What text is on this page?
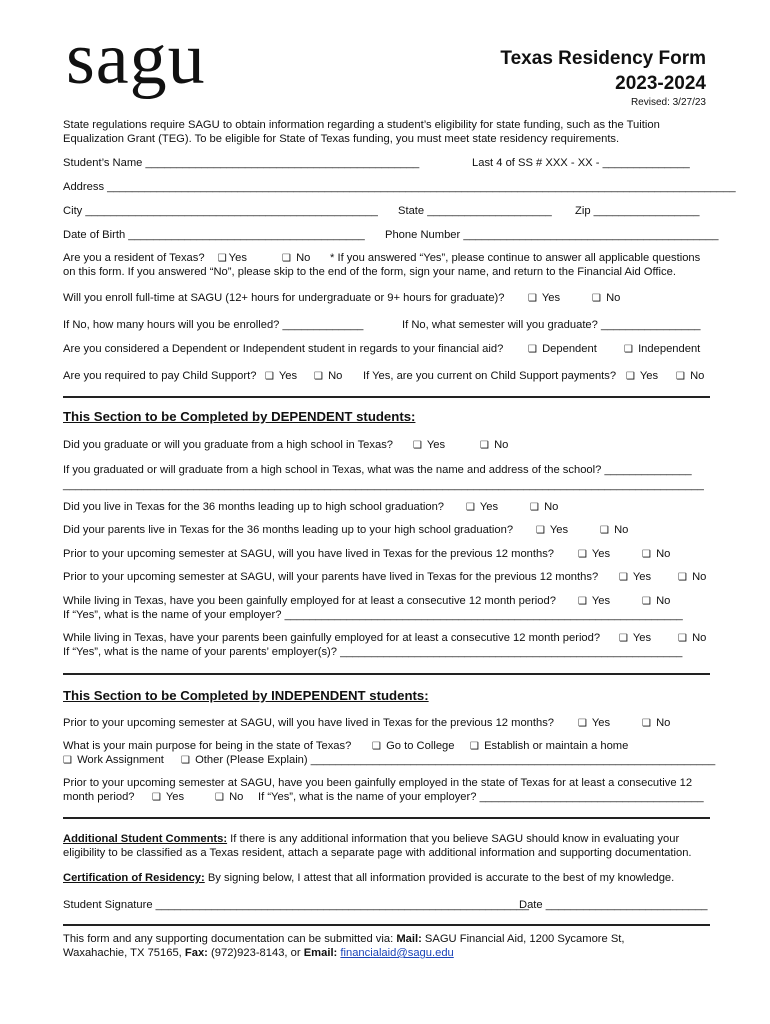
sagu	Texas Residency Form
2023-2024
Revised: 3/27/23
State regulations require SAGU to obtain information regarding a student’s eligibility for state funding, such as the Tuition Equalization Grant (TEG). To be eligible for State of Texas funding, you must meet state residency requirements.
Student’s Name ____________________________________________	Last 4 of SS # XXX - XX - ______________
Address _____________________________________________________________________________________________________
City _______________________________________________ State ____________________ Zip _________________
Date of Birth ______________________________________ Phone Number _________________________________________
Are you a resident of Texas? ❑ Yes	❑ No * If you answered “Yes”, please continue to answer all applicable questions
on this form. If you answered “No”, please skip to the end of the form, sign your name, and return to the Financial Aid Office.
Will you enroll full-time at SAGU (12+ hours for undergraduate or 9+ hours for graduate)? ❑ Yes	❑ No
If No, how many hours will you be enrolled? _____________	If No, what semester will you graduate? ________________
Are you considered a Dependent or Independent student in regards to your financial aid? ❑ Dependent	❑ Independent
Are you required to pay Child Support? ❑ Yes ❑ No If Yes, are you current on Child Support payments? ❑ Yes ❑ No
This Section to be Completed by DEPENDENT students:
Did you graduate or will you graduate from a high school in Texas? ❑ Yes	❑ No
If you graduated or will graduate from a high school in Texas, what was the name and address of the school? ______________
_______________________________________________________________________________________________________
Did you live in Texas for the 36 months leading up to high school graduation? ❑ Yes	❑ No
Did your parents live in Texas for the 36 months leading up to your high school graduation? ❑ Yes	❑ No
Prior to your upcoming semester at SAGU, will you have lived in Texas for the previous 12 months? ❑ Yes	❑ No
Prior to your upcoming semester at SAGU, will your parents have lived in Texas for the previous 12 months? ❑ Yes	❑ No
While living in Texas, have you been gainfully employed for at least a consecutive 12 month period? ❑ Yes	❑ No
If “Yes”, what is the name of your employer? ________________________________________________________________
While living in Texas, have your parents been gainfully employed for at least a consecutive 12 month period? ❑ Yes	❑ No
If “Yes”, what is the name of your parents’ employer(s)? _______________________________________________________
This Section to be Completed by INDEPENDENT students:
Prior to your upcoming semester at SAGU, will you have lived in Texas for the previous 12 months? ❑ Yes	❑ No
What is your main purpose for being in the state of Texas? ❑ Go to College ❑ Establish or maintain a home
❑ Work Assignment ❑ Other (Please Explain) _________________________________________________________________
Prior to your upcoming semester at SAGU, have you been gainfully employed in the state of Texas for at least a consecutive 12
month period? ❑ Yes	❑ No If “Yes”, what is the name of your employer? ____________________________________
Additional Student Comments: If there is any additional information that you believe SAGU should know in evaluating your eligibility to be classified as a Texas resident, attach a separate page with additional information and supporting documentation.
Certification of Residency: By signing below, I attest that all information provided is accurate to the best of my knowledge.
Student Signature ____________________________________________________________
Date __________________________
This form and any supporting documentation can be submitted via: Mail: SAGU Financial Aid, 1200 Sycamore St,
Waxahachie, TX 75165, Fax: (972)923-8143, or Email: financialaid@sagu.edu
